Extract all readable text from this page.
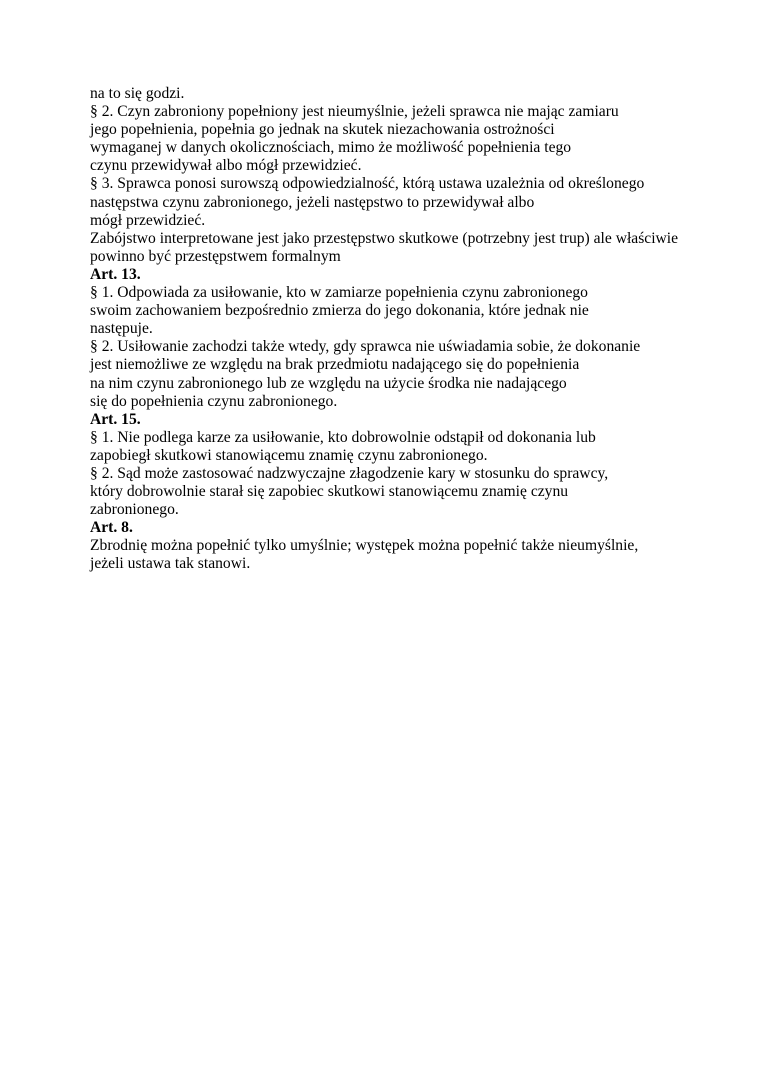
na to się godzi.
§ 2. Czyn zabroniony popełniony jest nieumyślnie, jeżeli sprawca nie mając zamiaru
jego popełnienia, popełnia go jednak na skutek niezachowania ostrożności
wymaganej w danych okolicznościach, mimo że możliwość popełnienia tego
czynu przewidywał albo mógł przewidzieć.
§ 3. Sprawca ponosi surowszą odpowiedzialność, którą ustawa uzależnia od określonego
następstwa czynu zabronionego, jeżeli następstwo to przewidywał albo
mógł przewidzieć.
Zabójstwo interpretowane jest jako przestępstwo skutkowe (potrzebny jest trup) ale właściwie
powinno być przestępstwem formalnym
Art. 13.
§ 1. Odpowiada za usiłowanie, kto w zamiarze popełnienia czynu zabronionego
swoim zachowaniem bezpośrednio zmierza do jego dokonania, które jednak nie
następuje.
§ 2. Usiłowanie zachodzi także wtedy, gdy sprawca nie uświadamia sobie, że dokonanie
jest niemożliwe ze względu na brak przedmiotu nadającego się do popełnienia
na nim czynu zabronionego lub ze względu na użycie środka nie nadającego
się do popełnienia czynu zabronionego.
Art. 15.
§ 1. Nie podlega karze za usiłowanie, kto dobrowolnie odstąpił od dokonania lub
zapobiegł skutkowi stanowiącemu znamię czynu zabronionego.
§ 2. Sąd może zastosować nadzwyczajne złagodzenie kary w stosunku do sprawcy,
który dobrowolnie starał się zapobiec skutkowi stanowiącemu znamię czynu
zabronionego.
Art. 8.
Zbrodnię można popełnić tylko umyślnie; występek można popełnić także nieumyślnie,
jeżeli ustawa tak stanowi.
